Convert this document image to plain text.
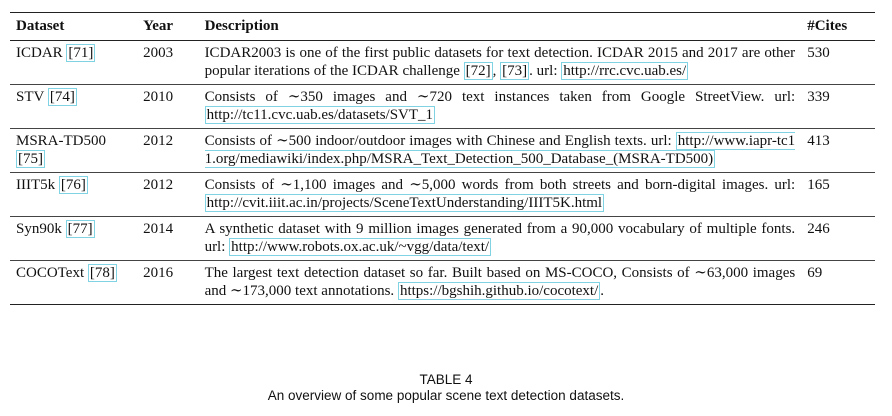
Dataset	Year	Description	#Cites
ICDAR [71]	2003	ICDAR2003 is one of the first public datasets for text detection. ICDAR 2015 and 2017 are other popular iterations of the ICDAR challenge [72] , [73] . url: http://rrc.cvc.uab.es/	530
STV [74]	2010	Consists of ∼350 images and ∼720 text instances taken from Google StreetView. url: http://tc11.cvc.uab.es/datasets/SVT_1	339
MSRA-TD500 [75]	2012	Consists of ∼500 indoor/outdoor images with Chinese and English texts. url: http://www.iapr-tc11.org/mediawiki/index.php/MSRA_Text_Detection_500_Database_(MSRA-TD500)	413
IIIT5k [76]	2012	Consists of ∼1,100 images and ∼5,000 words from both streets and born-digital images. url: http://cvit.iiit.ac.in/projects/SceneTextUnderstanding/IIIT5K.html	165
Syn90k [77]	2014	A synthetic dataset with 9 million images generated from a 90,000 vocabulary of multiple fonts. url: http://www.robots.ox.ac.uk/~vgg/data/text/	246
COCOText [78]	2016	The largest text detection dataset so far. Built based on MS-COCO, Consists of ∼63,000 images and ∼173,000 text annotations. https://bgshih.github.io/cocotext/ .	69
TABLE 4
An overview of some popular scene text detection datasets.
